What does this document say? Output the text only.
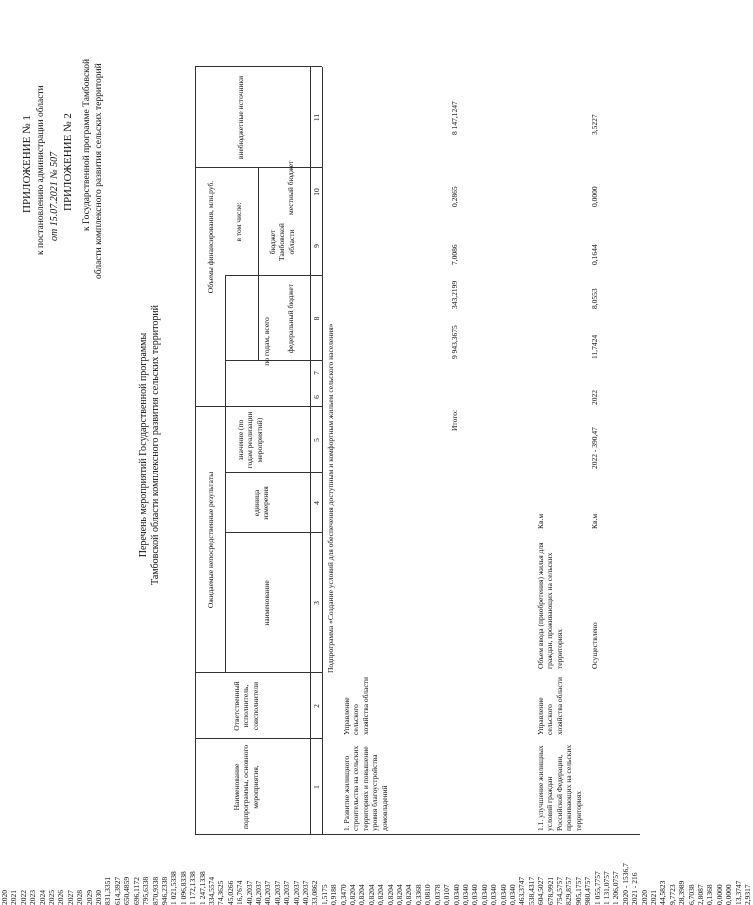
ПРИЛОЖЕНИЕ № 1 к постановлению администрации области от 15.07.2021 № 507 ПРИЛОЖЕНИЕ № 2 к Государственной программе Тамбовской области комплексного развития сельских территорий
Перечень мероприятий Государственной программы Тамбовской области комплексного развития сельских территорий
Наименование подпрограммы, основного мероприятия,
Ответственный исполнитель, соисполнители
Ожидаемые непосредственные результаты	наименование
единица измерения
значение (по годам реализации мероприятий)
Объемы финансирования, млн.руб.
по годам, всего
в том числе:
федеральный бюджет
бюджет Тамбовской области
местный бюджет
внебюджетные источники
1
2
3
4
5
6
7
8
9
10
11
Подпрограмма «Создание условий для обеспечения доступным и комфортным жильем сельского населения»
1. Развитие жилищного строительства на сельских территориях и повышение уровня благоустройства домовладений
Управление сельского хозяйства области
2020
2021
2022
2023
2024
2025
2026
2027
2028
2029
2030 831,3351
614,3927
650,4859
696,1172
795,6338
870,9338
946,2338
1 021,5338
1 096,8338
1 172,1338
1 247,1338 334,5574
74,3625
45,0266
16,7674
40,2037
40,2037
40,2037
40,2037
40,2037
40,2037
40,2037 33,0862
1,5175
0,9188
0,3470
0,8204
0,8204
0,8204
0,8204
0,8204
0,8204
0,8204 0,3368
0,0810
0,0378
0,0107
0,0340
0,0340
0,0340
0,0340
0,0340
0,0340
0,0340 463,3747
538,4317
604,5027
678,9921
754,5757
829,8757
905,1757
980,4757
1 055,7757
1 131,0757
1 206,0757
Итого:
9 943,3675
343,2199
7,0086
0,2865
8 147,1247
1.1. улучшение жилищных условий граждан Российской Федерации, проживающих на сельских территориях
Управление сельского хозяйства области
Объем ввода (приобретения) жилья для граждан, проживающих на сельских территориях
Кв.м
2020 - 1536,7
2021 - 216
2020
2021 44,5823
9,7723 28,3989
6,7038 2,8087
0,1368 0,0000
0,0000 13,3747
2,9317
Осуществлено
Кв.м
2022 - 390,47
2022
11,7424
8,0553
0,1644
0,0000
3,5227
